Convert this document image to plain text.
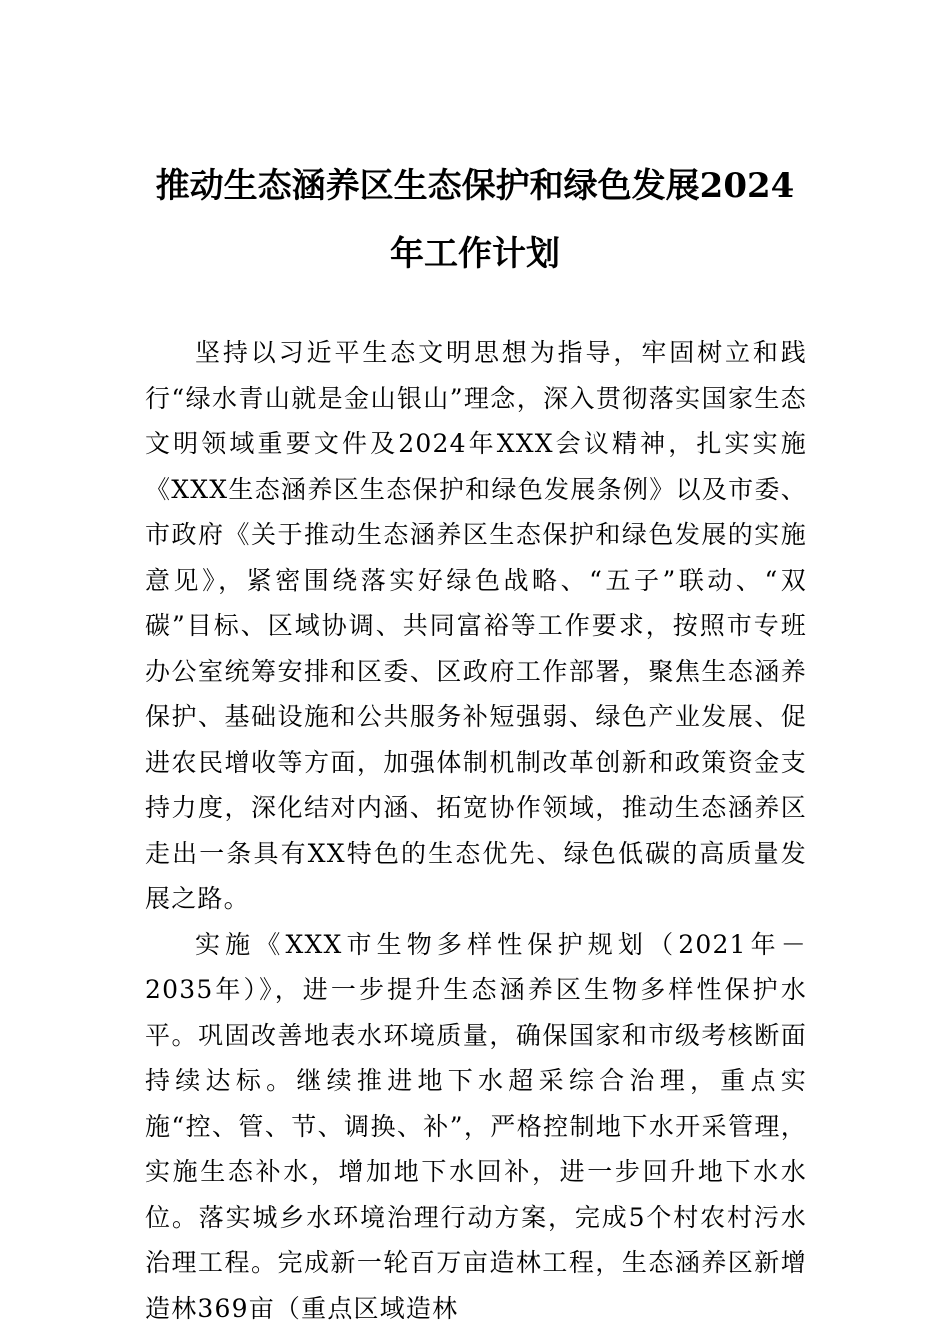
推动生态涵养区生态保护和绿色发展2024
年工作计划

坚持以习近平生态文明思想为指导，牢固树立和践行“绿水青山就是金山银山”理念，深入贯彻落实国家生态文明领域重要文件及2024年XXX会议精神，扎实实施《XXX生态涵养区生态保护和绿色发展条例》以及市委、市政府《关于推动生态涵养区生态保护和绿色发展的实施意见》，紧密围绕落实好绿色战略、“五子”联动、“双碳”目标、区域协调、共同富裕等工作要求，按照市专班办公室统筹安排和区委、区政府工作部署，聚焦生态涵养保护、基础设施和公共服务补短强弱、绿色产业发展、促进农民增收等方面，加强体制机制改革创新和政策资金支持力度，深化结对内涵、拓宽协作领域，推动生态涵养区走出一条具有XX特色的生态优先、绿色低碳的高质量发展之路。

实施《XXX市生物多样性保护规划（2021年－2035年）》，进一步提升生态涵养区生物多样性保护水平。巩固改善地表水环境质量，确保国家和市级考核断面持续达标。继续推进地下水超采综合治理，重点实施“控、管、节、调换、补”，严格控制地下水开采管理，实施生态补水，增加地下水回补，进一步回升地下水水位。落实城乡水环境治理行动方案，完成5个村农村污水治理工程。完成新一轮百万亩造林工程，生态涵养区新增造林369亩（重点区域造林
